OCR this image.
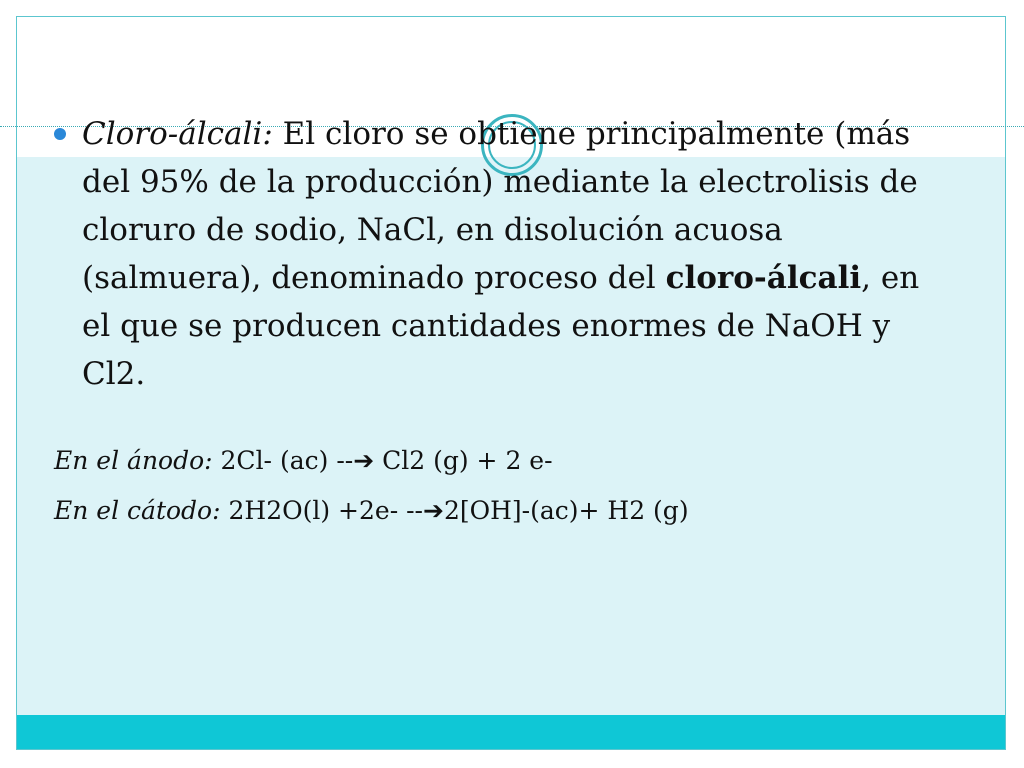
Cloro-álcali: El cloro se obtiene principalmente (más del 95% de la producción) mediante la electrolisis de cloruro de sodio, NaCl, en disolución acuosa (salmuera), denominado proceso del cloro-álcali, en el que se producen cantidades enormes de NaOH y Cl2.

En el ánodo: 2Cl- (ac) --➔ Cl2 (g) + 2 e-

En el cátodo: 2H2O(l) +2e- --➔2[OH]-(ac)+ H2 (g)
